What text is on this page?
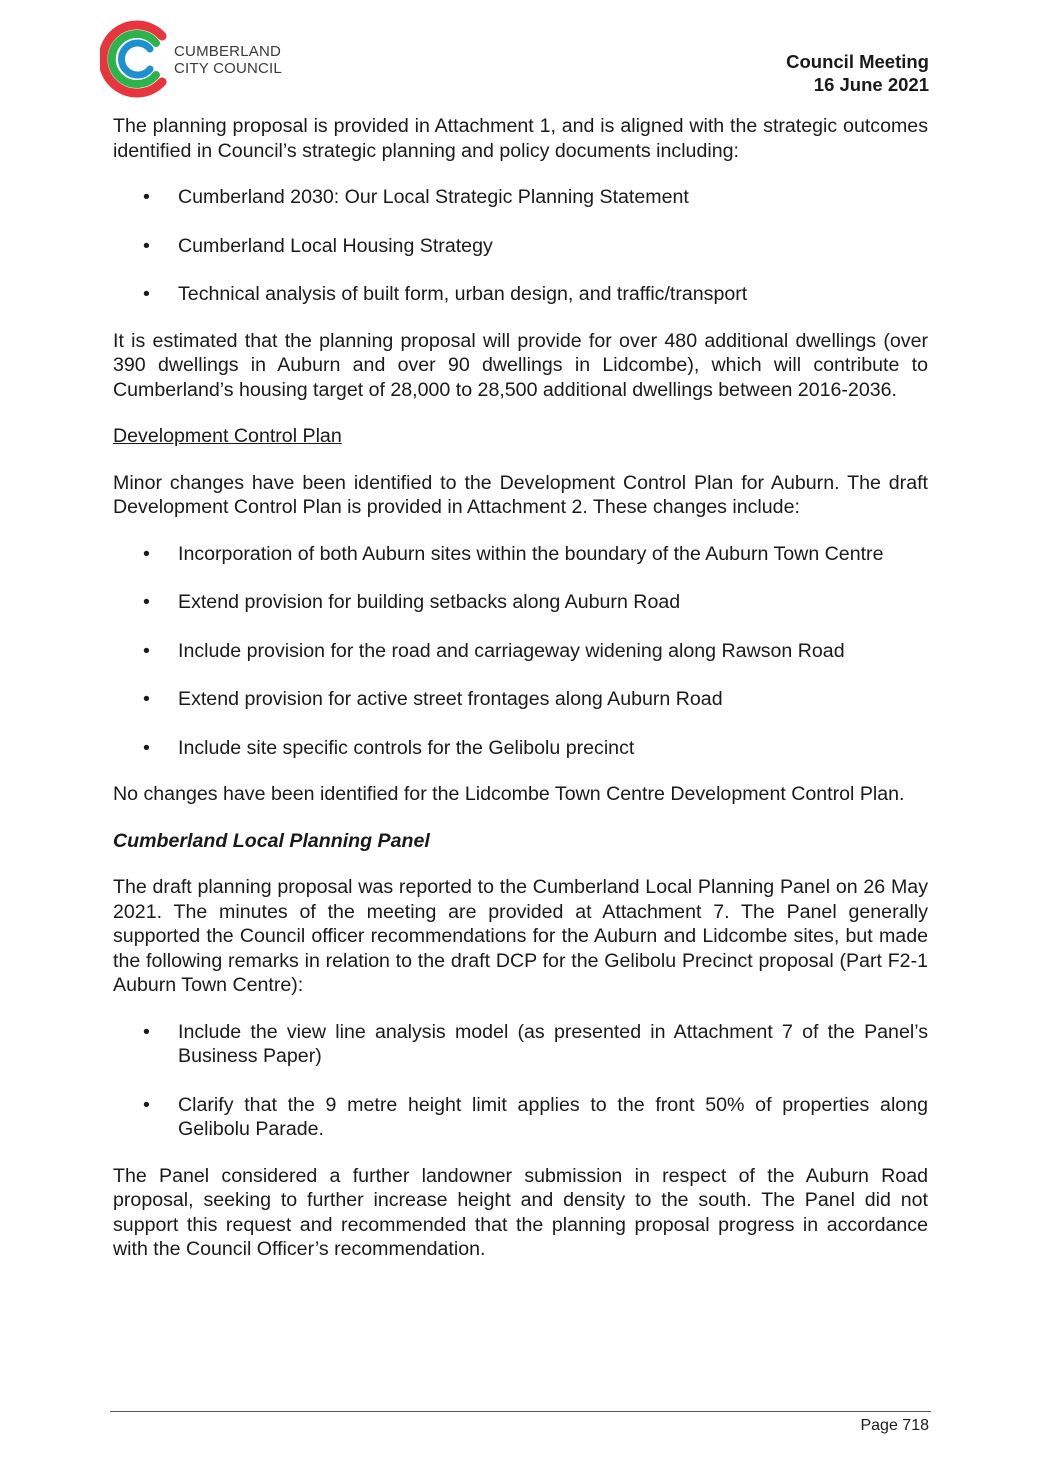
CUMBERLAND
CITY COUNCIL	Council Meeting
16 June 2021

The planning proposal is provided in Attachment 1, and is aligned with the strategic outcomes identified in Council’s strategic planning and policy documents including:

• Cumberland 2030: Our Local Strategic Planning Statement
• Cumberland Local Housing Strategy
• Technical analysis of built form, urban design, and traffic/transport

It is estimated that the planning proposal will provide for over 480 additional dwellings (over 390 dwellings in Auburn and over 90 dwellings in Lidcombe), which will contribute to Cumberland’s housing target of 28,000 to 28,500 additional dwellings between 2016-2036.

Development Control Plan

Minor changes have been identified to the Development Control Plan for Auburn. The draft Development Control Plan is provided in Attachment 2. These changes include:

• Incorporation of both Auburn sites within the boundary of the Auburn Town Centre
• Extend provision for building setbacks along Auburn Road
• Include provision for the road and carriageway widening along Rawson Road
• Extend provision for active street frontages along Auburn Road
• Include site specific controls for the Gelibolu precinct

No changes have been identified for the Lidcombe Town Centre Development Control Plan.

Cumberland Local Planning Panel

The draft planning proposal was reported to the Cumberland Local Planning Panel on 26 May 2021. The minutes of the meeting are provided at Attachment 7. The Panel generally supported the Council officer recommendations for the Auburn and Lidcombe sites, but made the following remarks in relation to the draft DCP for the Gelibolu Precinct proposal (Part F2-1 Auburn Town Centre):

• Include the view line analysis model (as presented in Attachment 7 of the Panel’s Business Paper)
• Clarify that the 9 metre height limit applies to the front 50% of properties along Gelibolu Parade.

The Panel considered a further landowner submission in respect of the Auburn Road proposal, seeking to further increase height and density to the south. The Panel did not support this request and recommended that the planning proposal progress in accordance with the Council Officer’s recommendation.

Page 718
